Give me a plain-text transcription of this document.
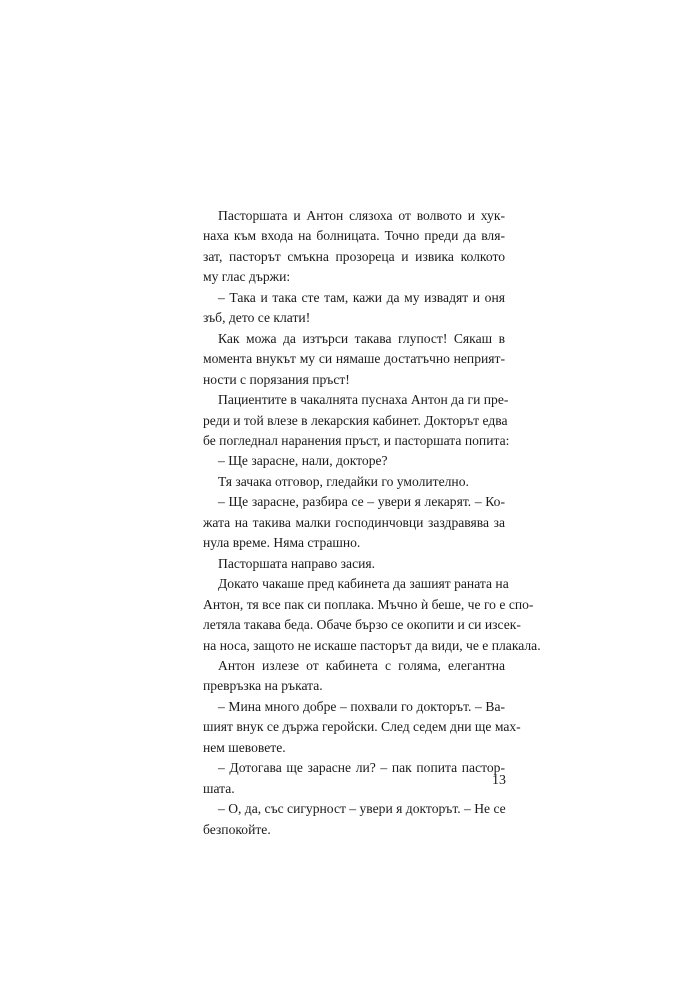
Пасторшата и Антон слязоха от волвото и хук-
наха към входа на болницата. Точно преди да вля-
зат, пасторът смъкна прозореца и извика колкото
му глас държи:
– Така и така сте там, кажи да му извадят и оня
зъб, дето се клати!
Как можа да изтърси такава глупост! Сякаш в
момента внукът му си нямаше достатъчно неприят-
ности с порязания пръст!
Пациентите в чакалнята пуснаха Антон да ги пре-
реди и той влезе в лекарския кабинет. Докторът едва
бе погледнал наранения пръст, и пасторшата попита:
– Ще зарасне, нали, докторе?
Тя зачака отговор, гледайки го умолително.
– Ще зарасне, разбира се – увери я лекарят. – Ко-
жата на такива малки господинчовци заздравява за
нула време. Няма страшно.
Пасторшата направо засия.
Докато чакаше пред кабинета да зашият раната на
Антон, тя все пак си поплака. Мъчно ѝ беше, че го е спо-
летяла такава беда. Обаче бързо се окопити и си изсек-
на носа, защото не искаше пасторът да види, че е плакала.
Антон излезе от кабинета с голяма, елегантна
превръзка на ръката.
– Мина много добре – похвали го докторът. – Ва-
шият внук се държа геройски. След седем дни ще мах-
нем шевовете.
– Дотогава ще зарасне ли? – пак попита пастор-
шата.
– О, да, със сигурност – увери я докторът. – Не се
безпокойте.
13
